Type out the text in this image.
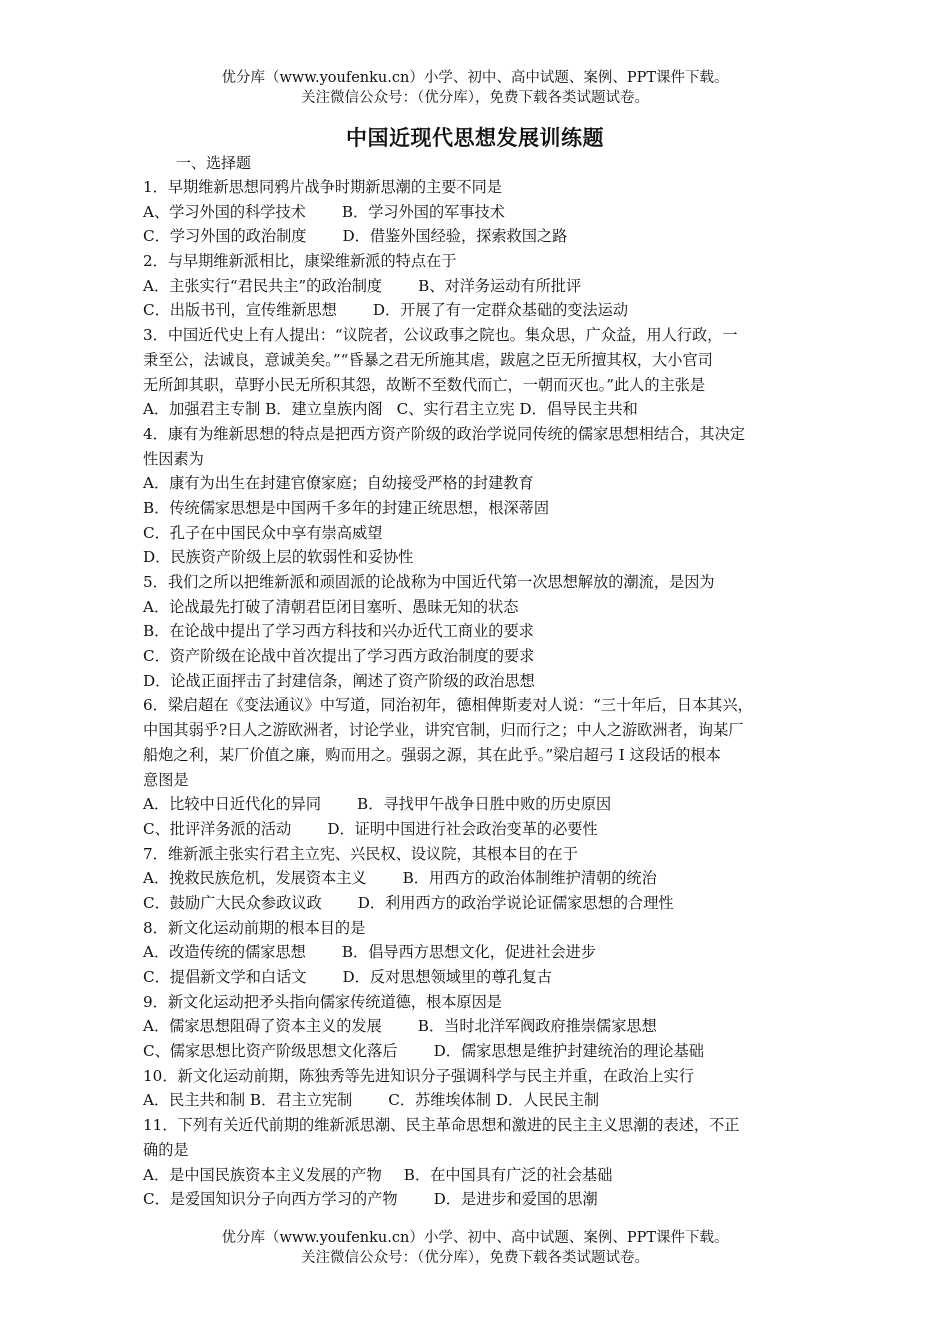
优分库（www.youfenku.cn）小学、初中、高中试题、案例、PPT课件下载。
关注微信公众号：（优分库），免费下载各类试题试卷。
中国近现代思想发展训练题
一、选择题
1．早期维新思想同鸦片战争时期新思潮的主要不同是
A、学习外国的科学技术 B．学习外国的军事技术
C．学习外国的政治制度 D．借鉴外国经验，探索救国之路
2．与早期维新派相比，康梁维新派的特点在于
A．主张实行“君民共主”的政治制度 B、对洋务运动有所批评
C．出版书刊，宣传维新思想 D．开展了有一定群众基础的变法运动
3．中国近代史上有人提出：“议院者，公议政事之院也。集众思，广众益，用人行政，一
秉至公，法诚良，意诚美矣。”“昏暴之君无所施其虐，跋扈之臣无所擅其权，大小官司
无所卸其职，草野小民无所积其怨，故断不至数代而亡，一朝而灭也。”此人的主张是
A．加强君主专制 B．建立皇族内阁 C、实行君主立宪 D．倡导民主共和
4．康有为维新思想的特点是把西方资产阶级的政治学说同传统的儒家思想相结合，其决定
性因素为
A．康有为出生在封建官僚家庭；自幼接受严格的封建教育
B．传统儒家思想是中国两千多年的封建正统思想，根深蒂固
C．孔子在中国民众中享有崇高威望
D．民族资产阶级上层的软弱性和妥协性
5．我们之所以把维新派和顽固派的论战称为中国近代第一次思想解放的潮流，是因为
A．论战最先打破了清朝君臣闭目塞听、愚昧无知的状态
B．在论战中提出了学习西方科技和兴办近代工商业的要求
C．资产阶级在论战中首次提出了学习西方政治制度的要求
D．论战正面抨击了封建信条，阐述了资产阶级的政治思想
6．梁启超在《变法通议》中写道，同治初年，德相俾斯麦对人说：“三十年后，日本其兴，
中国其弱乎?日人之游欧洲者，讨论学业，讲究官制，归而行之；中人之游欧洲者，询某厂
船炮之利，某厂价值之廉，购而用之。强弱之源，其在此乎。”梁启超弓 I 这段话的根本
意图是
A．比较中日近代化的异同 B．寻找甲午战争日胜中败的历史原因
C、批评洋务派的活动 D．证明中国进行社会政治变革的必要性
7．维新派主张实行君主立宪、兴民权、设议院，其根本目的在于
A．挽救民族危机，发展资本主义 B．用西方的政治体制维护清朝的统治
C．鼓励广大民众参政议政 D．利用西方的政治学说论证儒家思想的合理性
8．新文化运动前期的根本目的是
A．改造传统的儒家思想 B．倡导西方思想文化，促进社会进步
C．提倡新文学和白话文 D．反对思想领域里的尊孔复古
9．新文化运动把矛头指向儒家传统道德，根本原因是
A．儒家思想阻碍了资本主义的发展 B．当时北洋军阀政府推崇儒家思想
C、儒家思想比资产阶级思想文化落后 D．儒家思想是维护封建统治的理论基础
10．新文化运动前期，陈独秀等先进知识分子强调科学与民主并重，在政治上实行
A．民主共和制 B．君主立宪制 C．苏维埃体制 D．人民民主制
11．下列有关近代前期的维新派思潮、民主革命思想和激进的民主主义思潮的表述，不正
确的是
A．是中国民族资本主义发展的产物 B．在中国具有广泛的社会基础
C．是爱国知识分子向西方学习的产物 D．是进步和爱国的思潮
优分库（www.youfenku.cn）小学、初中、高中试题、案例、PPT课件下载。
关注微信公众号：（优分库），免费下载各类试题试卷。
